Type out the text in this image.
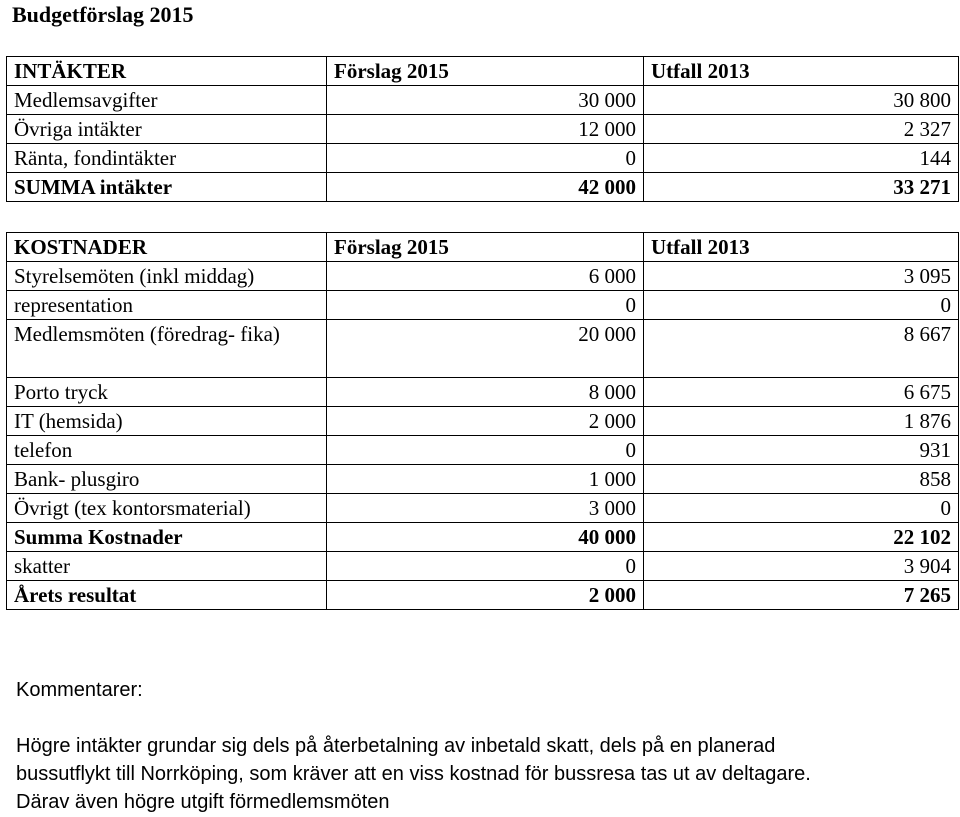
Budgetförslag 2015
INTÄKTER	Förslag 2015	Utfall 2013
Medlemsavgifter	30 000	30 800
Övriga intäkter	12 000	2 327
Ränta, fondintäkter	0	144
SUMMA intäkter	42 000	33 271
KOSTNADER	Förslag 2015	Utfall 2013
Styrelsemöten (inkl middag)	6 000	3 095
representation	0	0
Medlemsmöten (föredrag- fika)	20 000	8 667
Porto tryck	8 000	6 675
IT (hemsida)	2 000	1 876
telefon	0	931
Bank- plusgiro	1 000	858
Övrigt (tex kontorsmaterial)	3 000	0
Summa Kostnader	40 000	22 102
skatter	0	3 904
Årets resultat	2 000	7 265
Kommentarer:
Högre intäkter grundar sig dels på återbetalning av inbetald skatt, dels på en planerad
bussutflykt till Norrköping, som kräver att en viss kostnad för bussresa tas ut av deltagare.
Därav även högre utgift förmedlemsmöten
